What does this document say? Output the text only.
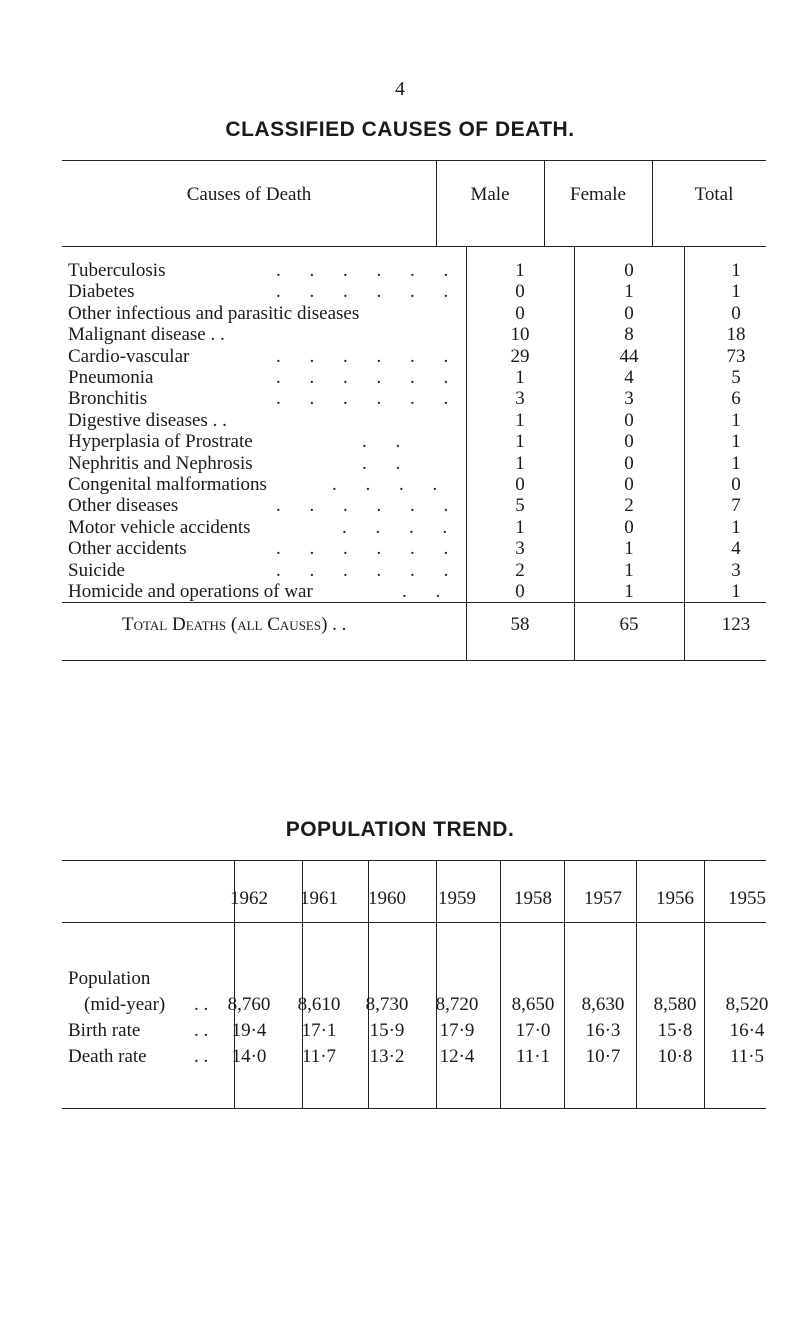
4
CLASSIFIED CAUSES OF DEATH.
Causes of Death	Male	Female	Total
Tuberculosis	1	0	1
. . . . . .
Diabetes	0	1	1
. . . . . .
Other infectious and parasitic diseases	0	0	0
Malignant disease . .	10	8	18
Cardio-vascular	29	44	73
. . . . . .
Pneumonia	1	4	5
. . . . . .
Bronchitis	3	3	6
. . . . . .
Digestive diseases . .	1	0	1
Hyperplasia of Prostrate	1	0	1
. .
Nephritis and Nephrosis	1	0	1
. .
Congenital malformations	0	0	0
. . . .
Other diseases	5	2	7
. . . . . .
Motor vehicle accidents	1	0	1
. . . .
Other accidents	3	1	4
. . . . . .
Suicide	2	1	3
. . . . . .
Homicide and operations of war	0	1	1
. .
Total Deaths (all Causes) . .	58	65	123
POPULATION TREND.
1962	1961	1960	1959	1958	1957	1956	1955
Population
(mid-year) . .	8,760	8,610	8,730	8,720	8,650	8,630	8,580	8,520
Birth rate	. .	19·4	17·1	15·9	17·9	17·0	16·3	15·8	16·4
Death rate . .	14·0	11·7	13·2	12·4	11·1	10·7	10·8	11·5
